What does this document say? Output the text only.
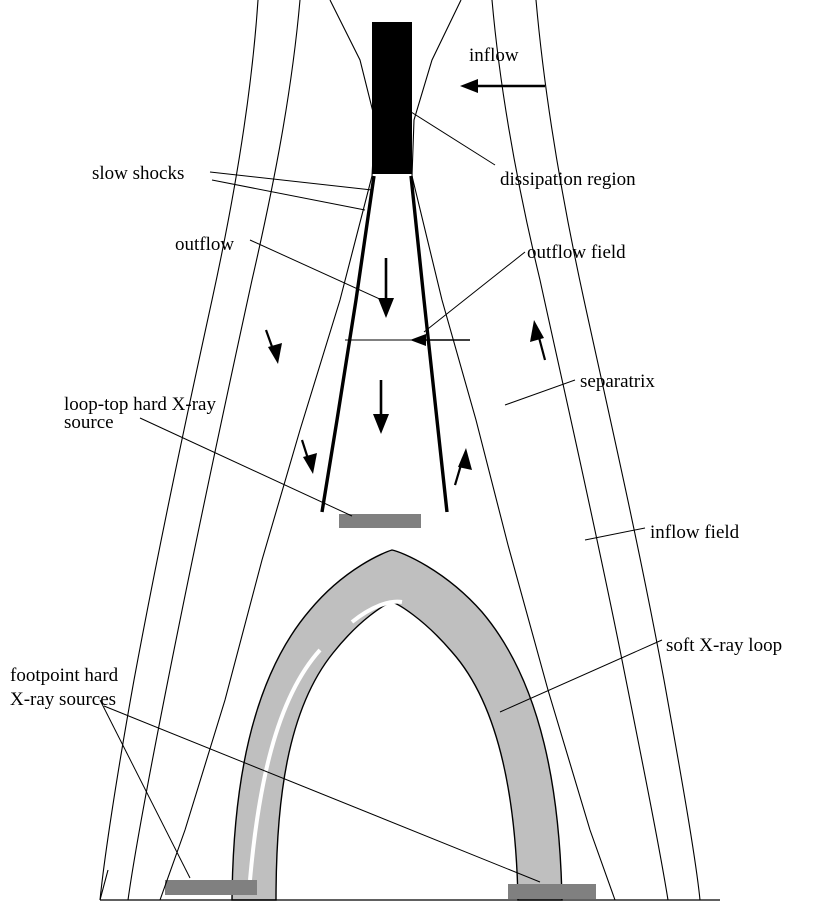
inflow
dissipation region
slow shocks
outflow	outflow field
separatrix
loop-top hard X-ray
source
inflow field
soft X-ray loop
footpoint hard
X-ray sources
